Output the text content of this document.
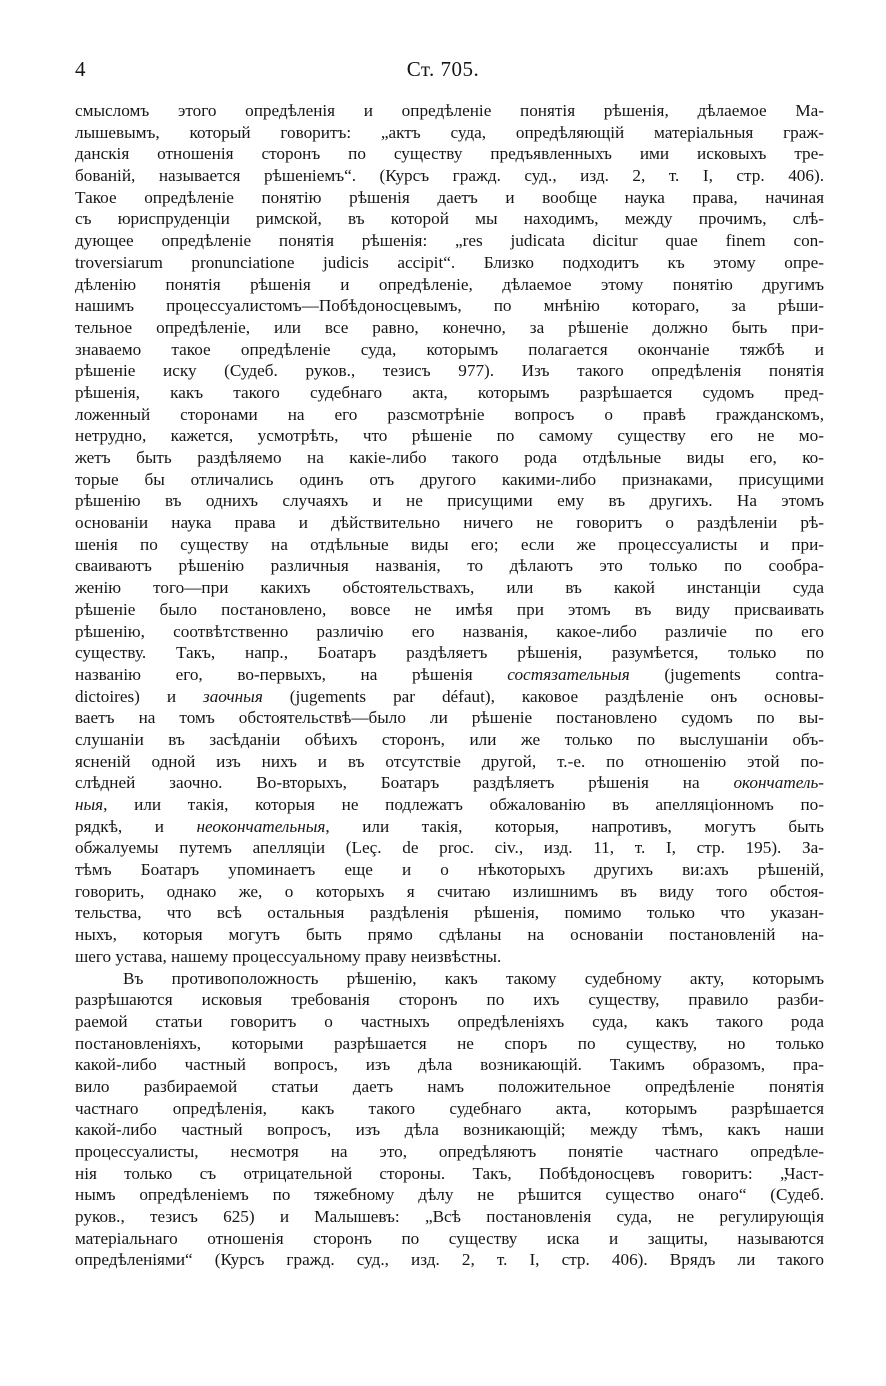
4	Ст. 705.
смысломъ этого опредѣленія и опредѣленіе понятія рѣшенія, дѣлаемое Ма-
лышевымъ, который говоритъ: „актъ суда, опредѣляющій матеріальныя граж-
данскія отношенія сторонъ по существу предъявленныхъ ими исковыхъ тре-
бованій, называется рѣшеніемъ“. (Курсъ гражд. суд., изд. 2, т. I, стр. 406).
Такое опредѣленіе понятію рѣшенія даетъ и вообще наука права, начиная
съ юриспруденціи римской, въ которой мы находимъ, между прочимъ, слѣ-
дующее опредѣленіе понятія рѣшенія: „res judicata dicitur quae finem con-
troversiarum pronunciatione judicis accipit“. Близко подходитъ къ этому опре-
дѣленію понятія рѣшенія и опредѣленіе, дѣлаемое этому понятію другимъ
нашимъ процессуалистомъ—Побѣдоносцевымъ, по мнѣнію котораго, за рѣши-
тельное опредѣленіе, или все равно, конечно, за рѣшеніе должно быть при-
знаваемо такое опредѣленіе суда, которымъ полагается окончаніе тяжбѣ и
рѣшеніе иску (Судеб. руков., тезисъ 977). Изъ такого опредѣленія понятія
рѣшенія, какъ такого судебнаго акта, которымъ разрѣшается судомъ пред-
ложенный сторонами на его разсмотрѣніе вопросъ о правѣ гражданскомъ,
нетрудно, кажется, усмотрѣть, что рѣшеніе по самому существу его не мо-
жетъ быть раздѣляемо на какіе-либо такого рода отдѣльные виды его, ко-
торые бы отличались одинъ отъ другого какими-либо признаками, присущими
рѣшенію въ однихъ случаяхъ и не присущими ему въ другихъ. На этомъ
основаніи наука права и дѣйствительно ничего не говоритъ о раздѣленіи рѣ-
шенія по существу на отдѣльные виды его; если же процессуалисты и при-
сваиваютъ рѣшенію различныя названія, то дѣлаютъ это только по сообра-
женію того—при какихъ обстоятельствахъ, или въ какой инстанціи суда
рѣшеніе было постановлено, вовсе не имѣя при этомъ въ виду присваивать
рѣшенію, соотвѣтственно различію его названія, какое-либо различіе по его
существу. Такъ, напр., Боатаръ раздѣляетъ рѣшенія, разумѣется, только по
названію его, во-первыхъ, на рѣшенія состязательныя (jugements contra-
dictoires) и заочныя (jugements par défaut), каковое раздѣленіе онъ основы-
ваетъ на томъ обстоятельствѣ—было ли рѣшеніе постановлено судомъ по вы-
слушаніи въ засѣданіи обѣихъ сторонъ, или же только по выслушаніи объ-
ясненій одной изъ нихъ и въ отсутствіе другой, т.-е. по отношенію этой по-
слѣдней заочно. Во-вторыхъ, Боатаръ раздѣляетъ рѣшенія на окончатель-
ныя, или такія, которыя не подлежатъ обжалованію въ апелляціонномъ по-
рядкѣ, и неокончательныя, или такія, которыя, напротивъ, могутъ быть
обжалуемы путемъ апелляціи (Leç. de proc. civ., изд. 11, т. I, стр. 195). За-
тѣмъ Боатаръ упоминаетъ еще и о нѣкоторыхъ другихъ ви:ахъ рѣшеній,
говорить, однако же, о которыхъ я считаю излишнимъ въ виду того обстоя-
тельства, что всѣ остальныя раздѣленія рѣшенія, помимо только что указан-
ныхъ, которыя могутъ быть прямо сдѣланы на основаніи постановленій на-
шего устава, нашему процессуальному праву неизвѣстны.
Въ противоположность рѣшенію, какъ такому судебному акту, которымъ
разрѣшаются исковыя требованія сторонъ по ихъ существу, правило разби-
раемой статьи говоритъ о частныхъ опредѣленіяхъ суда, какъ такого рода
постановленіяхъ, которыми разрѣшается не споръ по существу, но только
какой-либо частный вопросъ, изъ дѣла возникающій. Такимъ образомъ, пра-
вило разбираемой статьи даетъ намъ положительное опредѣленіе понятія
частнаго опредѣленія, какъ такого судебнаго акта, которымъ разрѣшается
какой-либо частный вопросъ, изъ дѣла возникающій; между тѣмъ, какъ наши
процессуалисты, несмотря на это, опредѣляютъ понятіе частнаго опредѣле-
нія только съ отрицательной стороны. Такъ, Побѣдоносцевъ говоритъ: „Част-
нымъ опредѣленіемъ по тяжебному дѣлу не рѣшится существо онаго“ (Судеб.
руков., тезисъ 625) и Малышевъ: „Всѣ постановленія суда, не регулирующія
матеріальнаго отношенія сторонъ по существу иска и защиты, называются
опредѣленіями“ (Курсъ гражд. суд., изд. 2, т. I, стр. 406). Врядъ ли такого
